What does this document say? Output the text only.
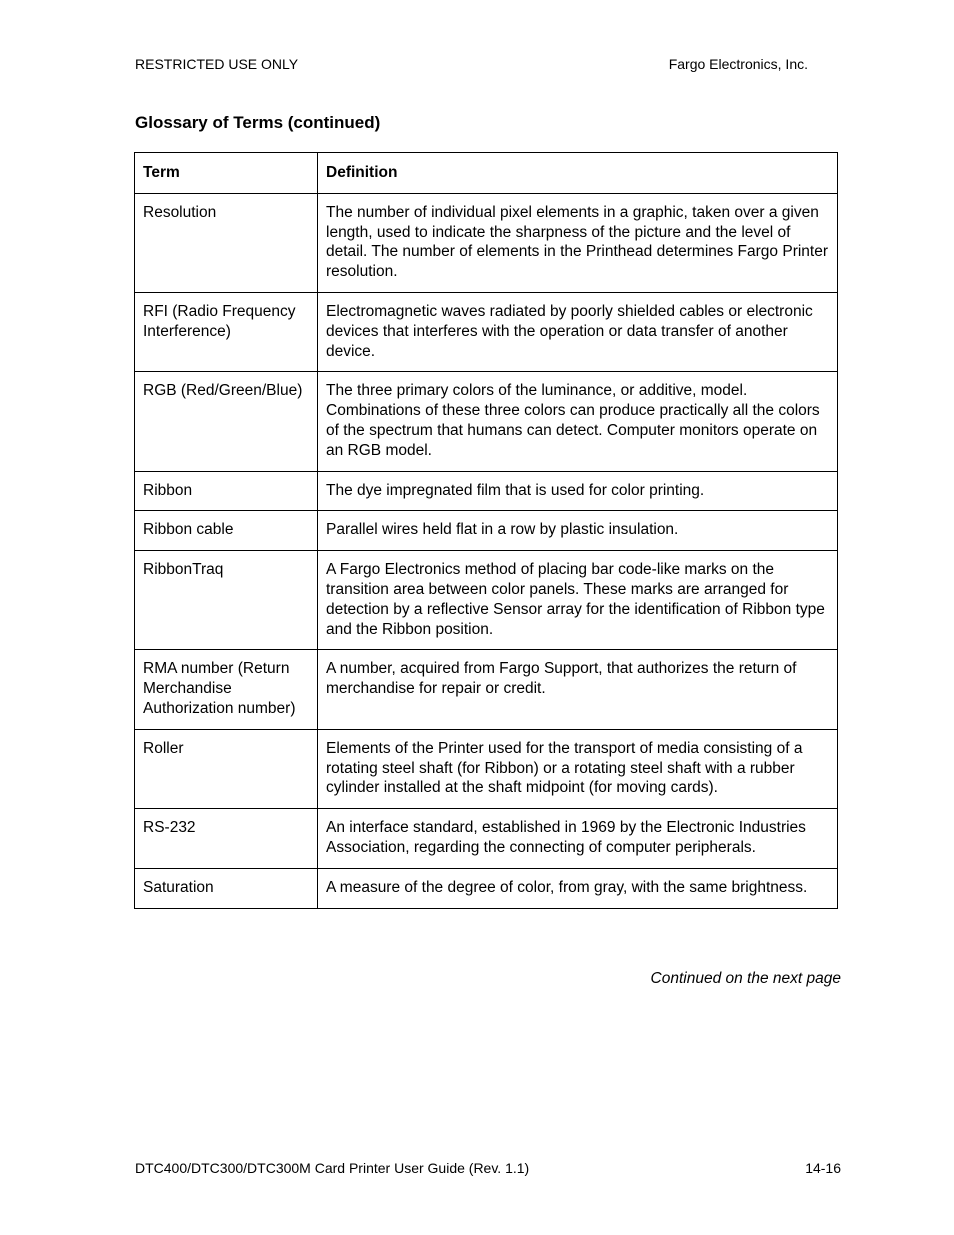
RESTRICTED USE ONLY	Fargo Electronics, Inc.
Glossary of Terms (continued)
Term	Definition
Resolution	The number of individual pixel elements in a graphic, taken over a given length, used to indicate the sharpness of the picture and the level of detail. The number of elements in the Printhead determines Fargo Printer resolution.
RFI (Radio Frequency Interference)	Electromagnetic waves radiated by poorly shielded cables or electronic devices that interferes with the operation or data transfer of another device.
RGB (Red/Green/Blue)	The three primary colors of the luminance, or additive, model. Combinations of these three colors can produce practically all the colors of the spectrum that humans can detect. Computer monitors operate on an RGB model.
Ribbon	The dye impregnated film that is used for color printing.
Ribbon cable	Parallel wires held flat in a row by plastic insulation.
RibbonTraq	A Fargo Electronics method of placing bar code-like marks on the transition area between color panels. These marks are arranged for detection by a reflective Sensor array for the identification of Ribbon type and the Ribbon position.
RMA number (Return Merchandise Authorization number)	A number, acquired from Fargo Support, that authorizes the return of merchandise for repair or credit.
Roller	Elements of the Printer used for the transport of media consisting of a rotating steel shaft (for Ribbon) or a rotating steel shaft with a rubber cylinder installed at the shaft midpoint (for moving cards).
RS-232	An interface standard, established in 1969 by the Electronic Industries Association, regarding the connecting of computer peripherals.
Saturation	A measure of the degree of color, from gray, with the same brightness.
Continued on the next page
DTC400/DTC300/DTC300M Card Printer User Guide (Rev. 1.1)	14-16
